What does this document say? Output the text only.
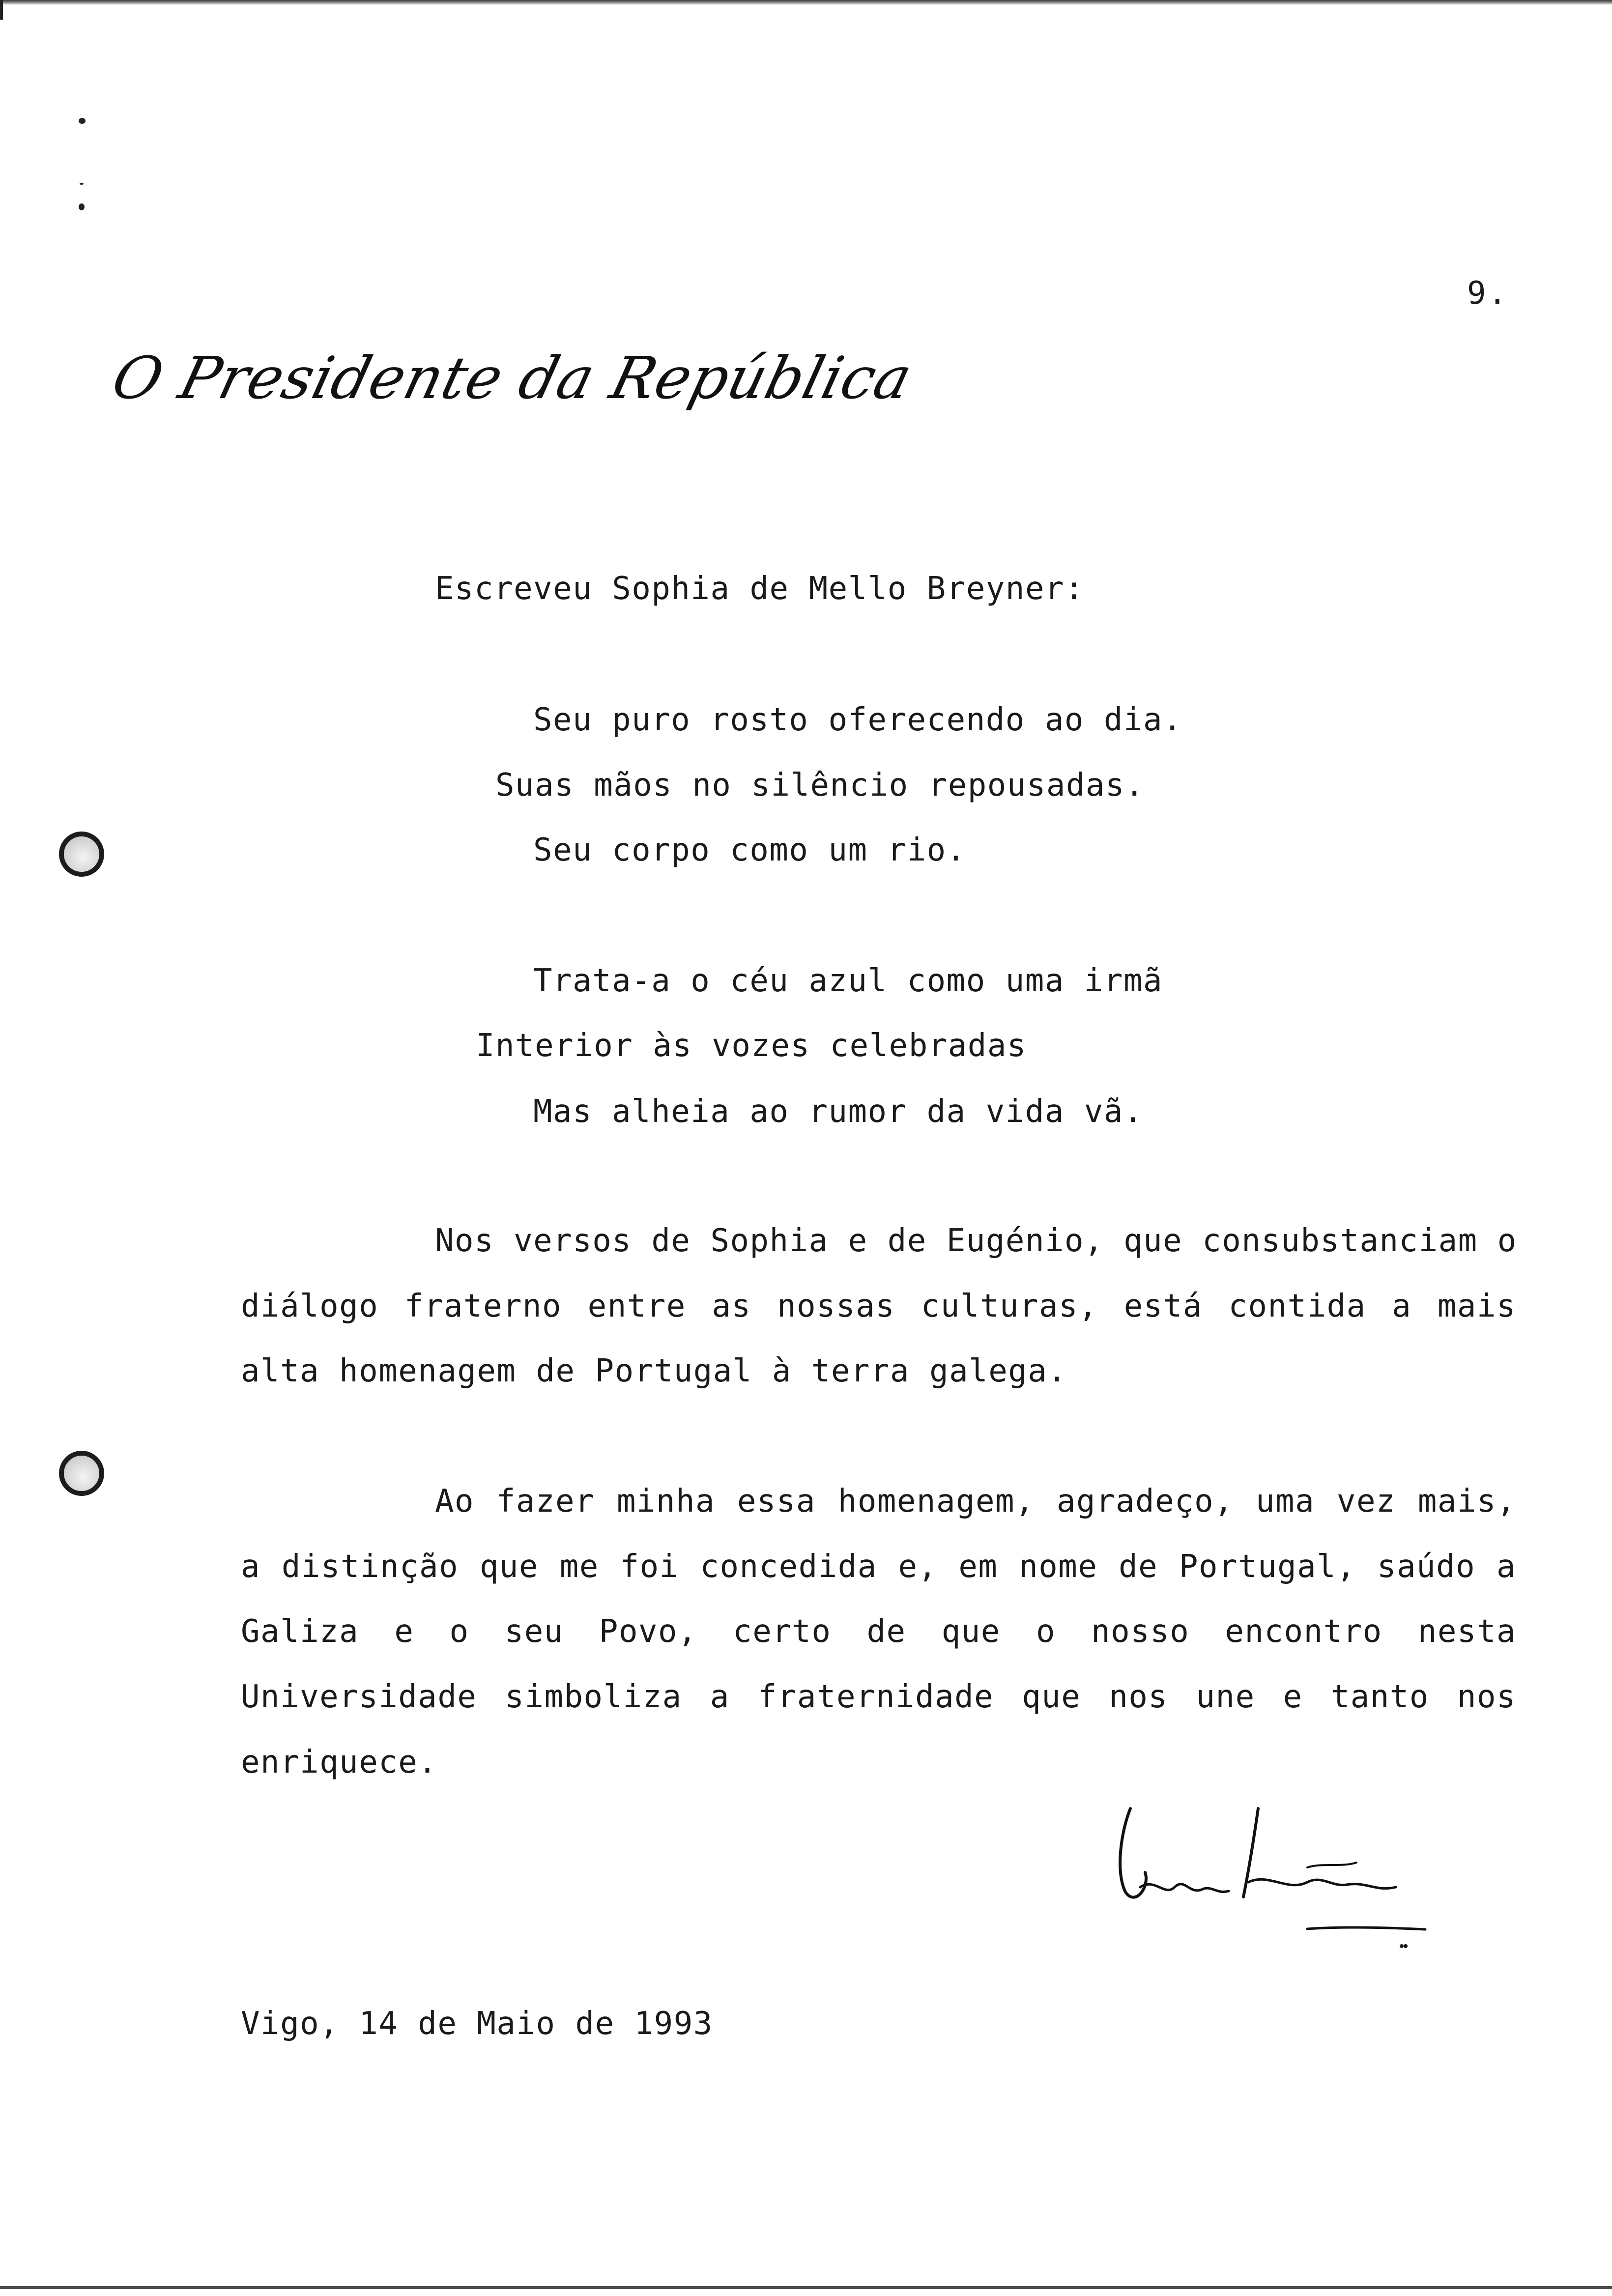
9.
O Presidente da República
Escreveu Sophia de Mello Breyner:
Seu puro rosto oferecendo ao dia.
Suas mãos no silêncio repousadas.
Seu corpo como um rio.
Trata-a o céu azul como uma irmã
Interior às vozes celebradas
Mas alheia ao rumor da vida vã.
Nos versos de Sophia e de Eugénio, que consubstanciam o
diálogo fraterno entre as nossas culturas, está contida a mais
alta homenagem de Portugal à terra galega.
Ao fazer minha essa homenagem, agradeço, uma vez mais,
a distinção que me foi concedida e, em nome de Portugal, saúdo a
Galiza e o seu Povo, certo de que o nosso encontro nesta
Universidade simboliza a fraternidade que nos une e tanto nos
enriquece.
Vigo, 14 de Maio de 1993
